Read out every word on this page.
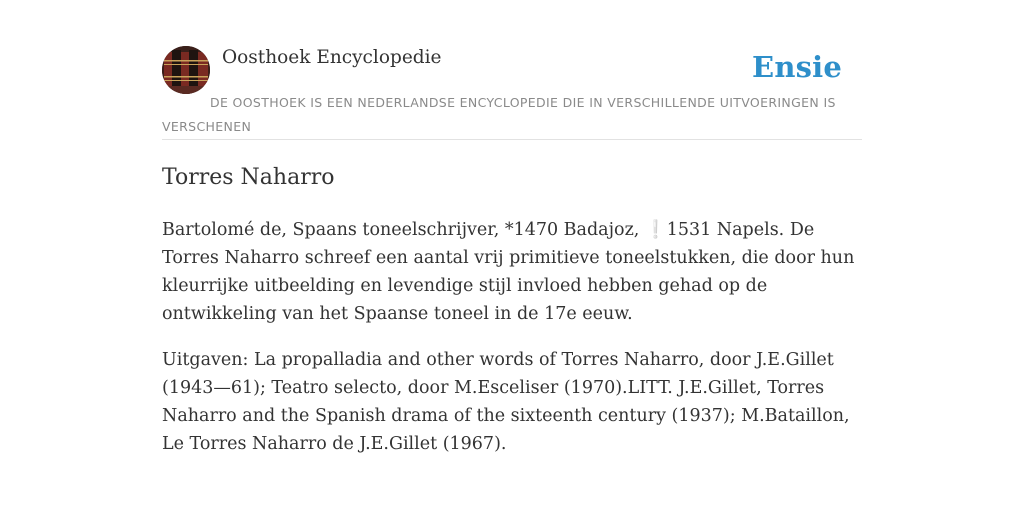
Oosthoek Encyclopedie	Ensie
DE OOSTHOEK IS EEN NEDERLANDSE ENCYCLOPEDIE DIE IN VERSCHILLENDE UITVOERINGEN IS VERSCHENEN
Torres Naharro

Bartolomé de, Spaans toneelschrijver, *1470 Badajoz, ❕1531 Napels. De Torres Naharro schreef een aantal vrij primitieve toneelstukken, die door hun kleurrijke uitbeelding en levendige stijl invloed hebben gehad op de ontwikkeling van het Spaanse toneel in de 17e eeuw.

Uitgaven: La propalladia and other words of Torres Naharro, door J.E.Gillet (1943—61); Teatro selecto, door M.Esceliser (1970).LITT. J.E.Gillet, Torres Naharro and the Spanish drama of the sixteenth century (1937); M.Bataillon, Le Torres Naharro de J.E.Gillet (1967).
